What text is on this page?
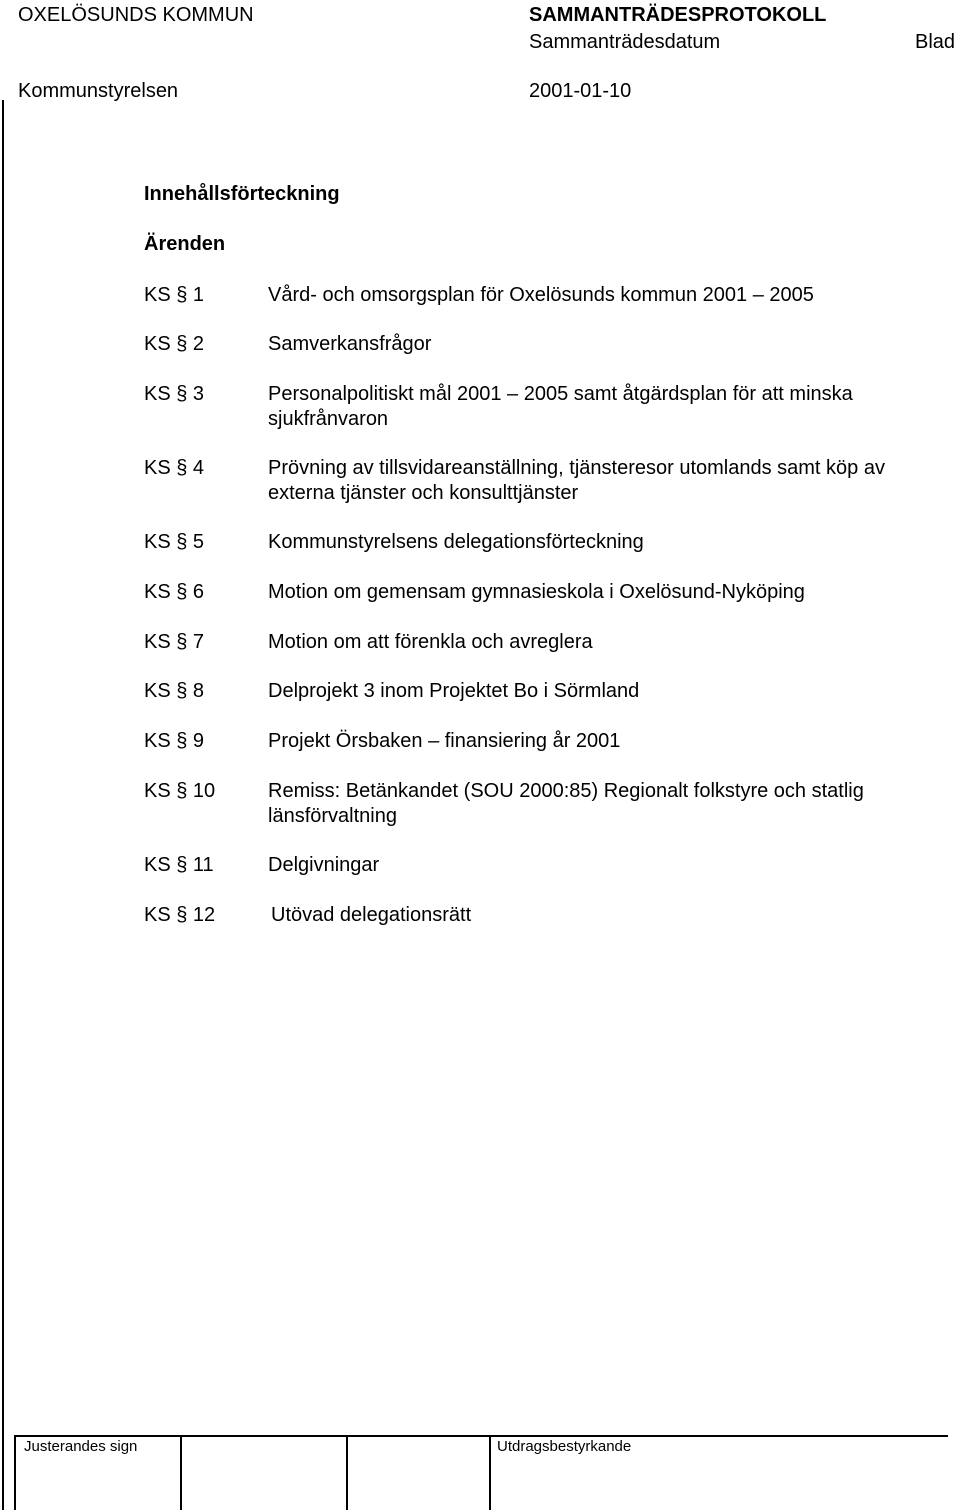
OXELÖSUNDS KOMMUN	SAMMANTRÄDESPROTOKOLL
Sammanträdesdatum	Blad
Kommunstyrelsen	2001-01-10
Innehållsförteckning
Ärenden
KS § 1	Vård- och omsorgsplan för Oxelösunds kommun 2001 – 2005
KS § 2	Samverkansfrågor
KS § 3	Personalpolitiskt mål 2001 – 2005 samt åtgärdsplan för att minska sjukfrånvaron
KS § 4	Prövning av tillsvidareanställning, tjänsteresor utomlands samt köp av externa tjänster och konsulttjänster
KS § 5	Kommunstyrelsens delegationsförteckning
KS § 6	Motion om gemensam gymnasieskola i Oxelösund-Nyköping
KS § 7	Motion om att förenkla och avreglera
KS § 8	Delprojekt 3 inom Projektet Bo i Sörmland
KS § 9	Projekt Örsbaken – finansiering år 2001
KS § 10	Remiss: Betänkandet (SOU 2000:85) Regionalt folkstyre och statlig länsförvaltning
KS § 11	Delgivningar
KS § 12	Utövad delegationsrätt
Justerandes sign	Utdragsbestyrkande
